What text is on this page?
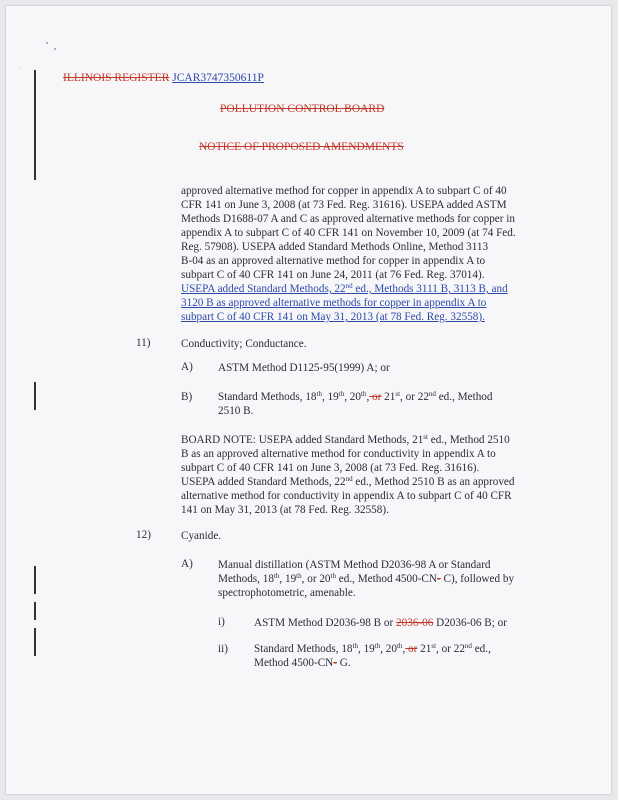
ILLINOIS REGISTER JCAR3747350611P
POLLUTION CONTROL BOARD
NOTICE OF PROPOSED AMENDMENTS
approved alternative method for copper in appendix A to subpart C of 40
CFR 141 on June 3, 2008 (at 73 Fed. Reg. 31616). USEPA added ASTM
Methods D1688-07 A and C as approved alternative methods for copper in
appendix A to subpart C of 40 CFR 141 on November 10, 2009 (at 74 Fed.
Reg. 57908). USEPA added Standard Methods Online, Method 3113
B-04 as an approved alternative method for copper in appendix A to
subpart C of 40 CFR 141 on June 24, 2011 (at 76 Fed. Reg. 37014).
USEPA added Standard Methods, 22nd ed., Methods 3111 B, 3113 B, and
3120 B as approved alternative methods for copper in appendix A to
subpart C of 40 CFR 141 on May 31, 2013 (at 78 Fed. Reg. 32558).
11)	Conductivity; Conductance.
A) ASTM Method D1125-95(1999) A; or
B) Standard Methods, 18th, 19th, 20th, or 21st, or 22nd ed., Method
2510 B.
BOARD NOTE: USEPA added Standard Methods, 21st ed., Method 2510
B as an approved alternative method for conductivity in appendix A to
subpart C of 40 CFR 141 on June 3, 2008 (at 73 Fed. Reg. 31616).
USEPA added Standard Methods, 22nd ed., Method 2510 B as an approved
alternative method for conductivity in appendix A to subpart C of 40 CFR
141 on May 31, 2013 (at 78 Fed. Reg. 32558).
12)	Cyanide.
A) Manual distillation (ASTM Method D2036-98 A or Standard
Methods, 18th, 19th, or 20th ed., Method 4500-CN- C), followed by
spectrophotometric, amenable.
i)	ASTM Method D2036-98 B or 2036-06 D2036-06 B; or
ii) Standard Methods, 18th, 19th, 20th, or 21st, or 22nd ed.,
Method 4500-CN- G.
